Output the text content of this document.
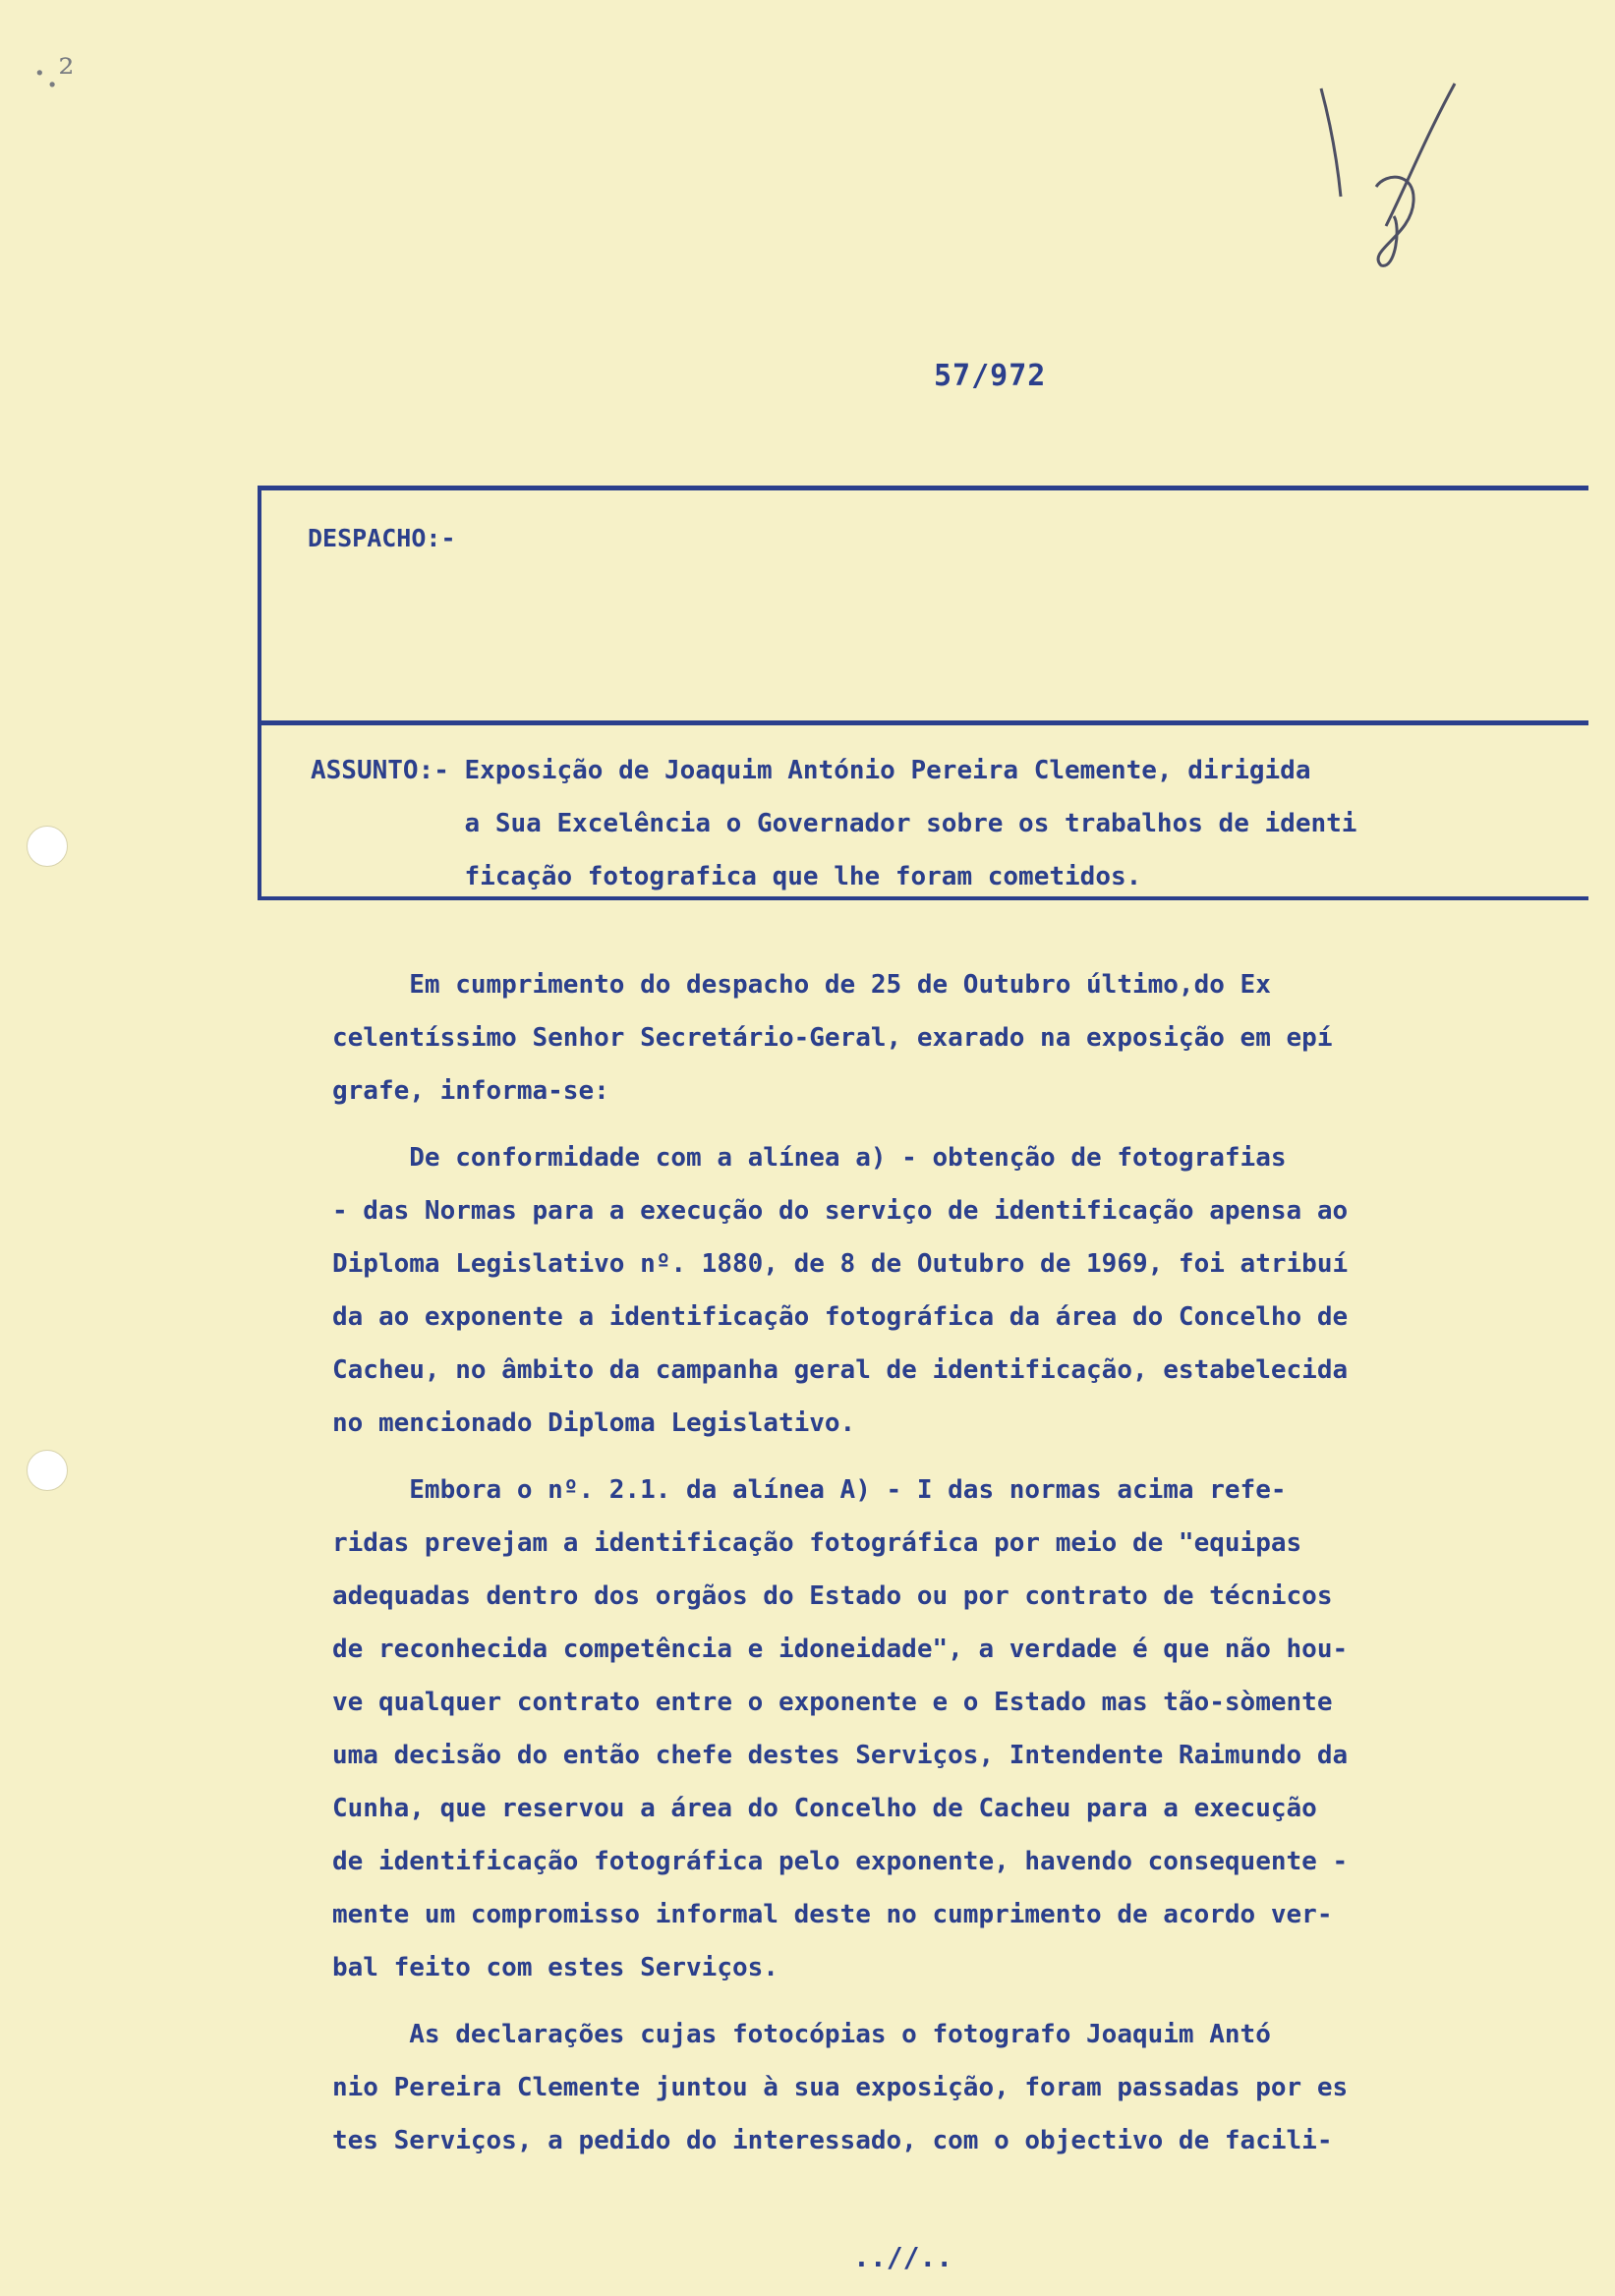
·.²
57/972
DESPACHO:-
ASSUNTO:- Exposição de Joaquim António Pereira Clemente, dirigida
a Sua Excelência o Governador sobre os trabalhos de identi
ficação fotografica que lhe foram cometidos.
Em cumprimento do despacho de 25 de Outubro último,do Ex
celentíssimo Senhor Secretário-Geral, exarado na exposição em epí
grafe, informa-se:
De conformidade com a alínea a) - obtenção de fotografias
- das Normas para a execução do serviço de identificação apensa ao
Diploma Legislativo nº. 1880, de 8 de Outubro de 1969, foi atribuí
da ao exponente a identificação fotográfica da área do Concelho de
Cacheu, no âmbito da campanha geral de identificação, estabelecida
no mencionado Diploma Legislativo.
Embora o nº. 2.1. da alínea A) - I das normas acima refe-
ridas prevejam a identificação fotográfica por meio de "equipas
adequadas dentro dos orgãos do Estado ou por contrato de técnicos
de reconhecida competência e idoneidade", a verdade é que não hou-
ve qualquer contrato entre o exponente e o Estado mas tão-sòmente
uma decisão do então chefe destes Serviços, Intendente Raimundo da
Cunha, que reservou a área do Concelho de Cacheu para a execução
de identificação fotográfica pelo exponente, havendo consequente -
mente um compromisso informal deste no cumprimento de acordo ver-
bal feito com estes Serviços.
As declarações cujas fotocópias o fotografo Joaquim Antó
nio Pereira Clemente juntou à sua exposição, foram passadas por es
tes Serviços, a pedido do interessado, com o objectivo de facili-
..//..
